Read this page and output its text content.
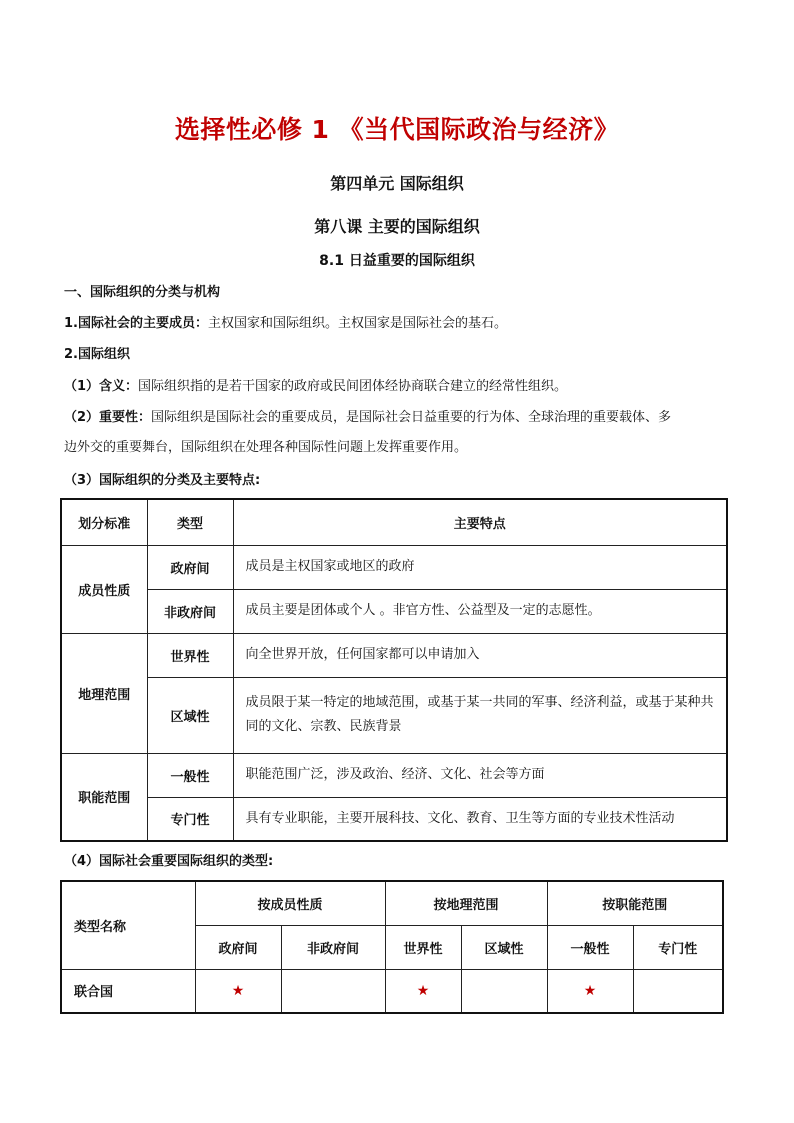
选择性必修 1 《当代国际政治与经济》
第四单元 国际组织
第八课 主要的国际组织
8.1 日益重要的国际组织
一、国际组织的分类与机构
1.国际社会的主要成员：主权国家和国际组织。主权国家是国际社会的基石。
2.国际组织
（1）含义：国际组织指的是若干国家的政府或民间团体经协商联合建立的经常性组织。
（2）重要性：国际组织是国际社会的重要成员，是国际社会日益重要的行为体、全球治理的重要载体、多
边外交的重要舞台，国际组织在处理各种国际性问题上发挥重要作用。
（3）国际组织的分类及主要特点:
划分标准	类型	主要特点
成员性质	政府间	成员是主权国家或地区的政府
	非政府间	成员主要是团体或个人 。非官方性、公益型及一定的志愿性。
地理范围	世界性	向全世界开放，任何国家都可以申请加入
	区域性	成员限于某一特定的地域范围，或基于某一共同的军事、经济利益，或基于某种共同的文化、宗教、民族背景
职能范围	一般性	职能范围广泛，涉及政治、经济、文化、社会等方面
	专门性	具有专业职能，主要开展科技、文化、教育、卫生等方面的专业技术性活动
（4）国际社会重要国际组织的类型:
类型名称	按成员性质		按地理范围		按职能范围	
	政府间	非政府间	世界性	区域性	一般性	专门性
联合国	★		★		★	
